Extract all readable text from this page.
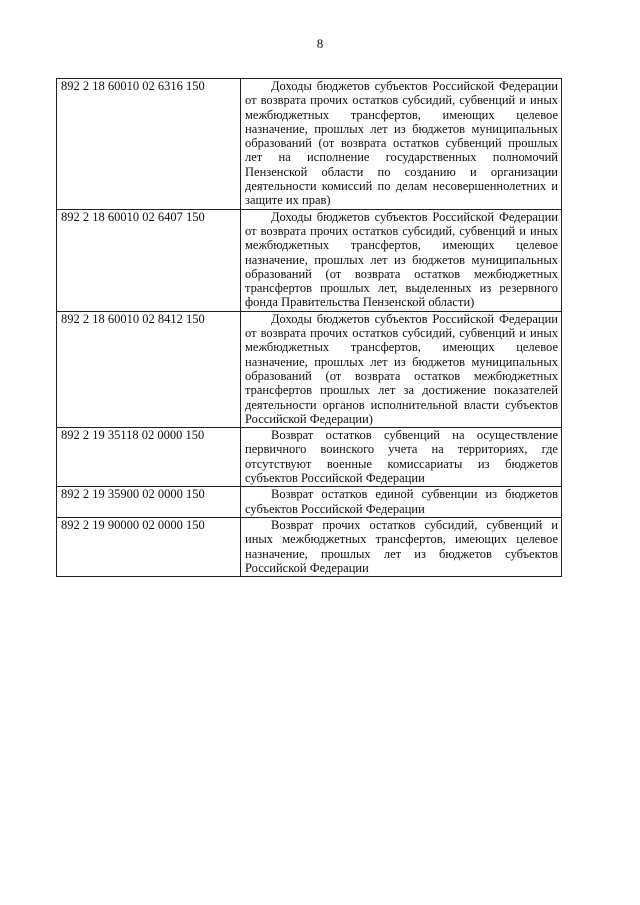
8
892 2 18 60010 02 6316 150	Доходы бюджетов субъектов Российской Федерации от возврата прочих остатков субсидий, субвенций и иных межбюджетных трансфертов, имеющих целевое назначение, прошлых лет из бюджетов муниципальных образований (от возврата остатков субвенций прошлых лет на исполнение государственных полномочий Пензенской области по созданию и организации деятельности комиссий по делам несовершеннолетних и защите их прав)
892 2 18 60010 02 6407 150	Доходы бюджетов субъектов Российской Федерации от возврата прочих остатков субсидий, субвенций и иных межбюджетных трансфертов, имеющих целевое назначение, прошлых лет из бюджетов муниципальных образований (от возврата остатков межбюджетных трансфертов прошлых лет, выделенных из резервного фонда Правительства Пензенской области)
892 2 18 60010 02 8412 150	Доходы бюджетов субъектов Российской Федерации от возврата прочих остатков субсидий, субвенций и иных межбюджетных трансфертов, имеющих целевое назначение, прошлых лет из бюджетов муниципальных образований (от возврата остатков межбюджетных трансфертов прошлых лет за достижение показателей деятельности органов исполнительной власти субъектов Российской Федерации)
892 2 19 35118 02 0000 150	Возврат остатков субвенций на осуществление первичного воинского учета на территориях, где отсутствуют военные комиссариаты из бюджетов субъектов Российской Федерации
892 2 19 35900 02 0000 150	Возврат остатков единой субвенции из бюджетов субъектов Российской Федерации
892 2 19 90000 02 0000 150	Возврат прочих остатков субсидий, субвенций и иных межбюджетных трансфертов, имеющих целевое назначение, прошлых лет из бюджетов субъектов Российской Федерации
